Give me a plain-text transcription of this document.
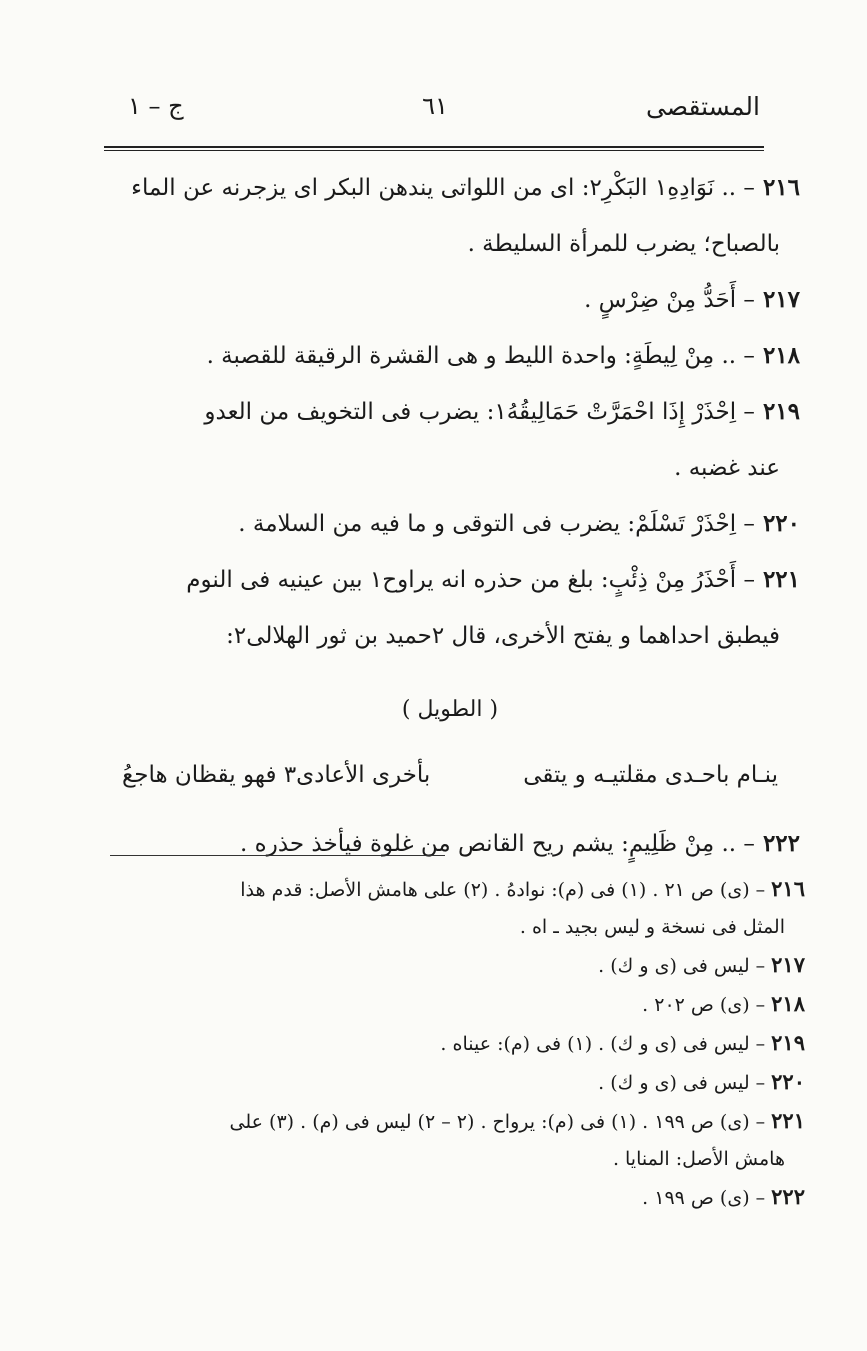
المستقصى
٦١
ج – ١

٢١٦– .. نَوَادِهِ١ البَكْرِ٢: اى من اللواتى يندهن البكر اى يزجرنه عن الماء

بالصباح؛ يضرب للمرأة السليطة .

٢١٧– أَحَدُّ مِنْ ضِرْسٍ .

٢١٨– .. مِنْ لِيطَةٍ: واحدة الليط و هى القشرة الرقيقة للقصبة .

٢١٩– اِحْذَرْ إِذَا احْمَرَّتْ حَمَالِيقُهُ١: يضرب فى التخويف من العدو

عند غضبه .

٢٢٠– اِحْذَرْ تَسْلَمْ: يضرب فى التوقى و ما فيه من السلامة .

٢٢١– أَحْذَرُ مِنْ ذِئْبٍ: بلغ من حذره انه يراوح١ بين عينيه فى النوم

فيطبق احداهما و يفتح الأخرى، قال ٢حميد بن ثور الهلالى٢:

( الطويل )

ينـام باحـدى مقلتيـه و يتقى
بأخرى الأعادى٣ فهو يقظان هاجعُ

٢٢٢– .. مِنْ ظَلِيمٍ: يشم ريح القانص من غلوة فيأخذ حذره .

٢١٦– (ى) ص ٢١ . (١) فى (م): نوادهُ . (٢) على هامش الأصل: قدم هذا

المثل فى نسخة و ليس بجيد ـ اه .

٢١٧– ليس فى (ى و ك) .

٢١٨– (ى) ص ٢٠٢ .

٢١٩– ليس فى (ى و ك) . (١) فى (م): عيناه .

٢٢٠– ليس فى (ى و ك) .

٢٢١– (ى) ص ١٩٩ . (١) فى (م): يرواح . (٢ – ٢) ليس فى (م) . (٣) على

هامش الأصل: المنايا .

٢٢٢– (ى) ص ١٩٩ .
